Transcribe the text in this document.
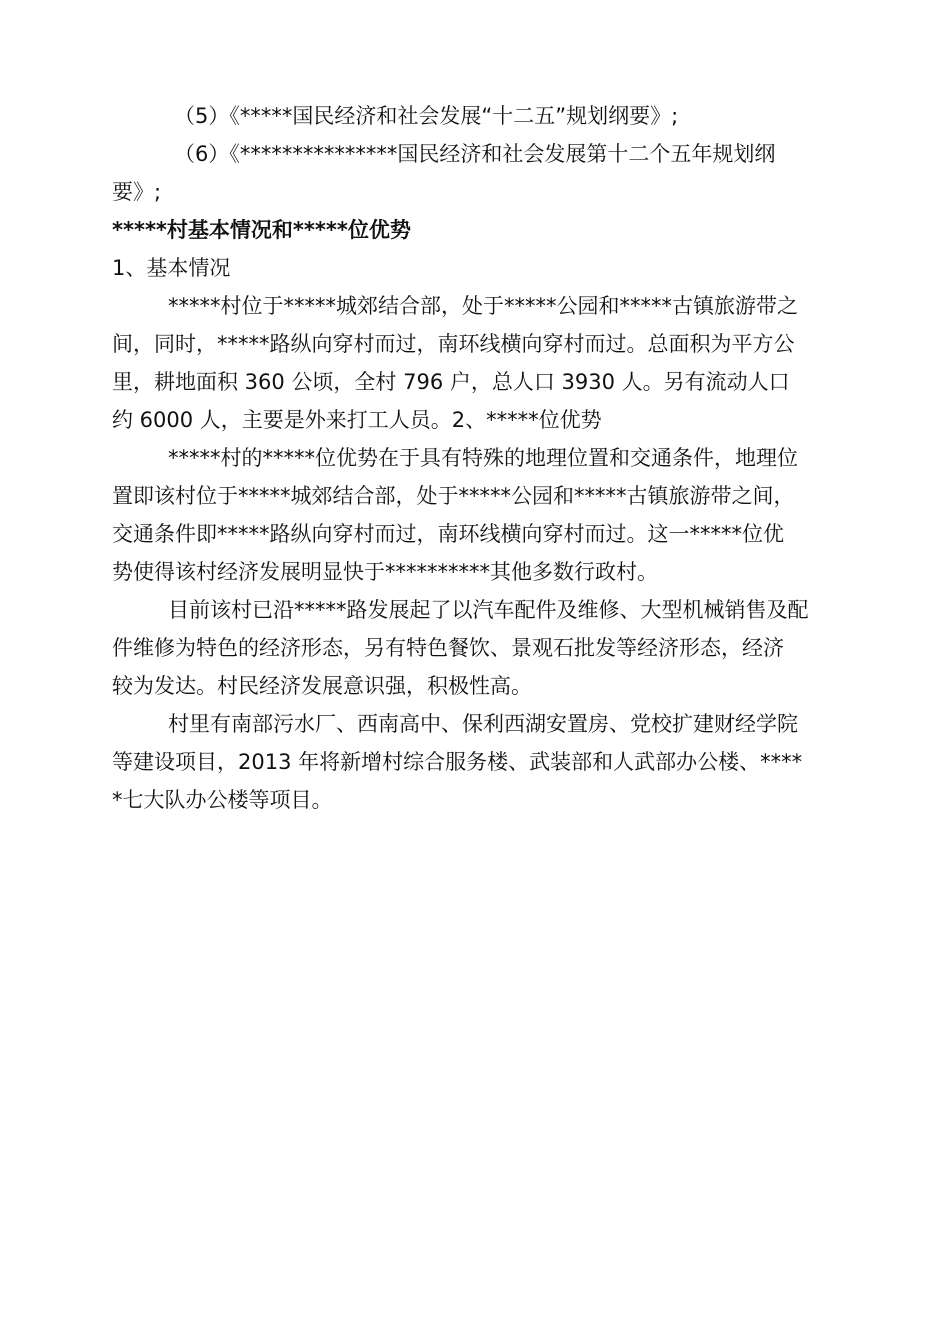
（5）《*****国民经济和社会发展“十二五”规划纲要》;
（6）《***************国民经济和社会发展第十二个五年规划纲
要》;
*****村基本情况和*****位优势
1、基本情况
*****村位于*****城郊结合部，处于*****公园和*****古镇旅游带之
间，同时，*****路纵向穿村而过，南环线横向穿村而过。总面积为平方公
里，耕地面积 360 公顷，全村 796 户，总人口 3930 人。另有流动人口
约 6000 人，主要是外来打工人员。2、*****位优势
*****村的*****位优势在于具有特殊的地理位置和交通条件，地理位
置即该村位于*****城郊结合部，处于*****公园和*****古镇旅游带之间，
交通条件即*****路纵向穿村而过，南环线横向穿村而过。这一*****位优
势使得该村经济发展明显快于**********其他多数行政村。
目前该村已沿*****路发展起了以汽车配件及维修、大型机械销售及配
件维修为特色的经济形态，另有特色餐饮、景观石批发等经济形态，经济
较为发达。村民经济发展意识强，积极性高。
村里有南部污水厂、西南高中、保利西湖安置房、党校扩建财经学院
等建设项目，2013 年将新增村综合服务楼、武装部和人武部办公楼、****
*七大队办公楼等项目。
